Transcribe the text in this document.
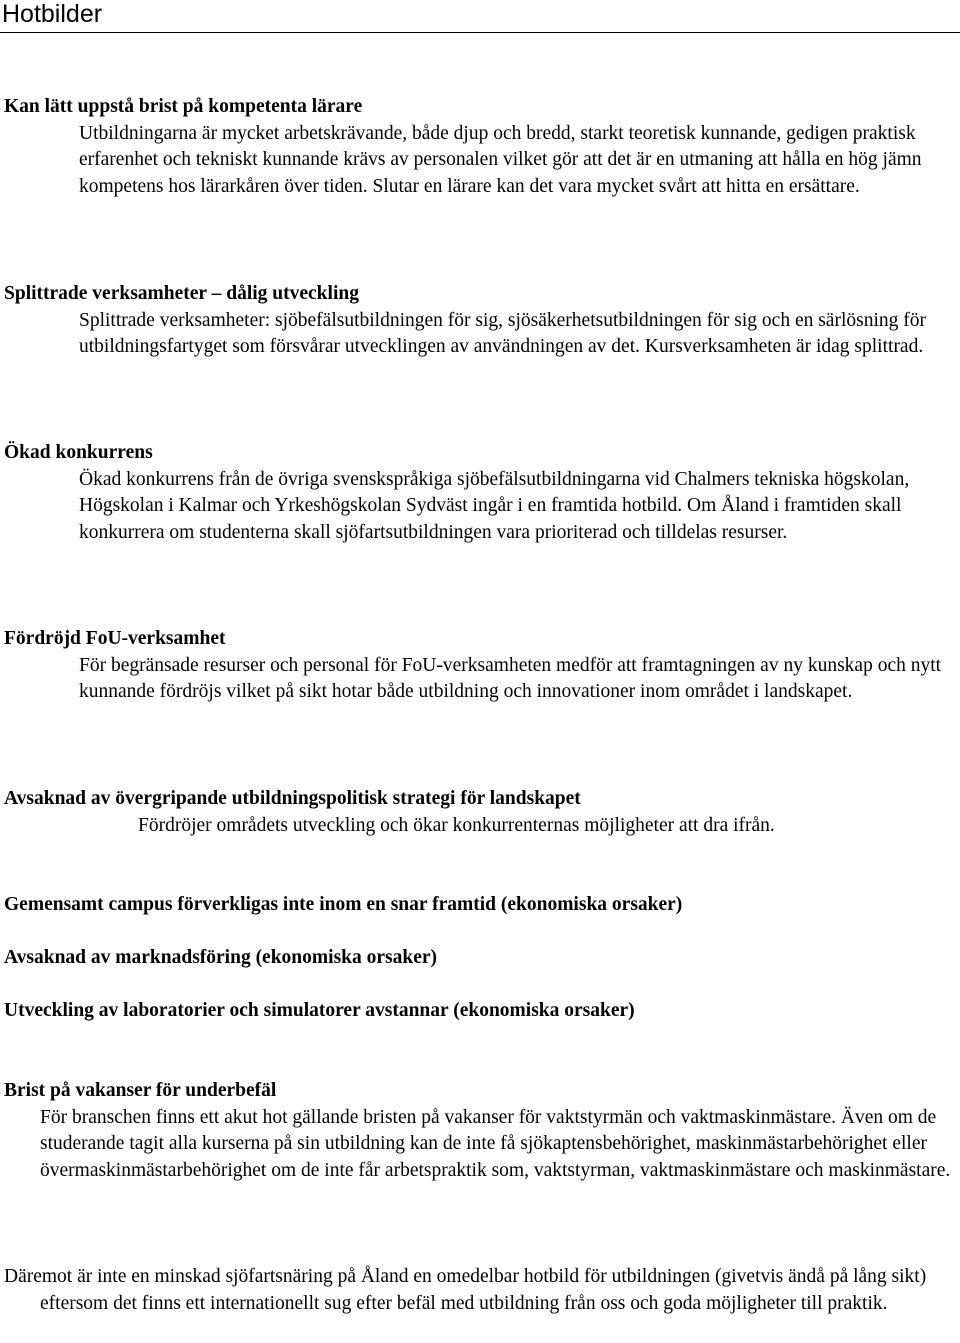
Hotbilder
Kan lätt uppstå brist på kompetenta lärare

Utbildningarna är mycket arbetskrävande, både djup och bredd, starkt teoretisk kunnande, gedigen praktisk erfarenhet och tekniskt kunnande krävs av personalen vilket gör att det är en utmaning att hålla en hög jämn kompetens hos lärarkåren över tiden. Slutar en lärare kan det vara mycket svårt att hitta en ersättare.

Splittrade verksamheter – dålig utveckling

Splittrade verksamheter: sjöbefälsutbildningen för sig, sjösäkerhetsutbildningen för sig och en särlösning för utbildningsfartyget som försvårar utvecklingen av användningen av det. Kursverksamheten är idag splittrad.

Ökad konkurrens

Ökad konkurrens från de övriga svenskspråkiga sjöbefälsutbildningarna vid Chalmers tekniska högskolan, Högskolan i Kalmar och Yrkeshögskolan Sydväst ingår i en framtida hotbild. Om Åland i framtiden skall konkurrera om studenterna skall sjöfartsutbildningen vara prioriterad och tilldelas resurser.

Fördröjd FoU-verksamhet

För begränsade resurser och personal för FoU-verksamheten medför att framtagningen av ny kunskap och nytt kunnande fördröjs vilket på sikt hotar både utbildning och innovationer inom området i landskapet.

Avsaknad av övergripande utbildningspolitisk strategi för landskapet

Fördröjer områdets utveckling och ökar konkurrenternas möjligheter att dra ifrån.

Gemensamt campus förverkligas inte inom en snar framtid (ekonomiska orsaker)
Avsaknad av marknadsföring (ekonomiska orsaker)
Utveckling av laboratorier och simulatorer avstannar (ekonomiska orsaker)
Brist på vakanser för underbefäl

För branschen finns ett akut hot gällande bristen på vakanser för vaktstyrmän och vaktmaskinmästare. Även om de studerande tagit alla kurserna på sin utbildning kan de inte få sjökaptensbehörighet, maskinmästarbehörighet eller övermaskinmästarbehörighet om de inte får arbetspraktik som, vaktstyrman, vaktmaskinmästare och maskinmästare.

Däremot är inte en minskad sjöfartsnäring på Åland en omedelbar hotbild för utbildningen (givetvis ändå på lång sikt) eftersom det finns ett internationellt sug efter befäl med utbildning från oss och goda möjligheter till praktik.
